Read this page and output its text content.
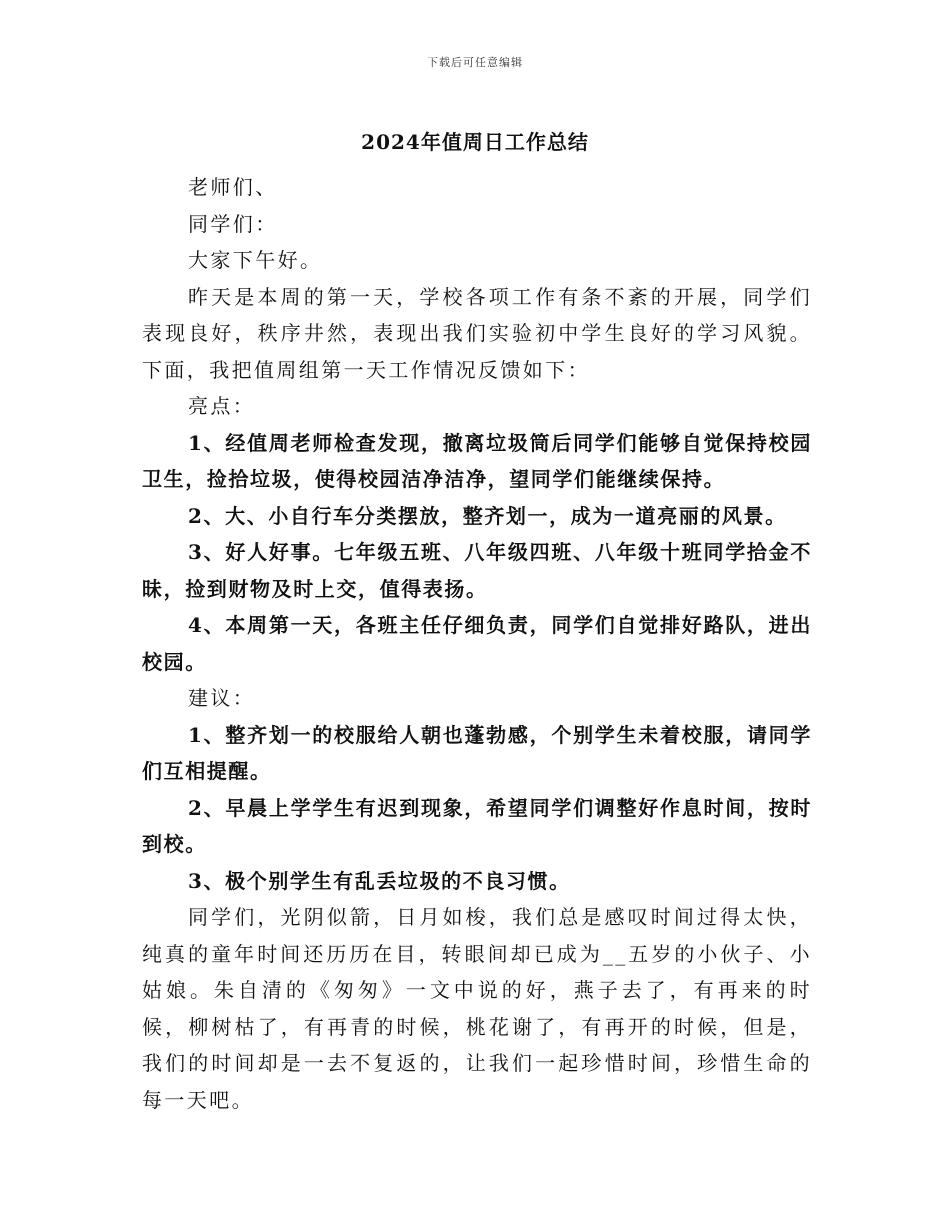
下载后可任意编辑
2024年值周日工作总结

老师们、

同学们：

大家下午好。

昨天是本周的第一天，学校各项工作有条不紊的开展，同学们表现良好，秩序井然，表现出我们实验初中学生良好的学习风貌。下面，我把值周组第一天工作情况反馈如下：

亮点：

1、经值周老师检查发现，撤离垃圾筒后同学们能够自觉保持校园卫生，捡拾垃圾，使得校园洁净洁净，望同学们能继续保持。

2、大、小自行车分类摆放，整齐划一，成为一道亮丽的风景。

3、好人好事。七年级五班、八年级四班、八年级十班同学拾金不昧，捡到财物及时上交，值得表扬。

4、本周第一天，各班主任仔细负责，同学们自觉排好路队，进出校园。

建议：

1、整齐划一的校服给人朝也蓬勃感，个别学生未着校服，请同学们互相提醒。

2、早晨上学学生有迟到现象，希望同学们调整好作息时间，按时到校。

3、极个别学生有乱丢垃圾的不良习惯。

同学们，光阴似箭，日月如梭，我们总是感叹时间过得太快，纯真的童年时间还历历在目，转眼间却已成为__五岁的小伙子、小姑娘。朱自清的《匆匆》一文中说的好，燕子去了，有再来的时候，柳树枯了，有再青的时候，桃花谢了，有再开的时候，但是，我们的时间却是一去不复返的，让我们一起珍惜时间，珍惜生命的每一天吧。
